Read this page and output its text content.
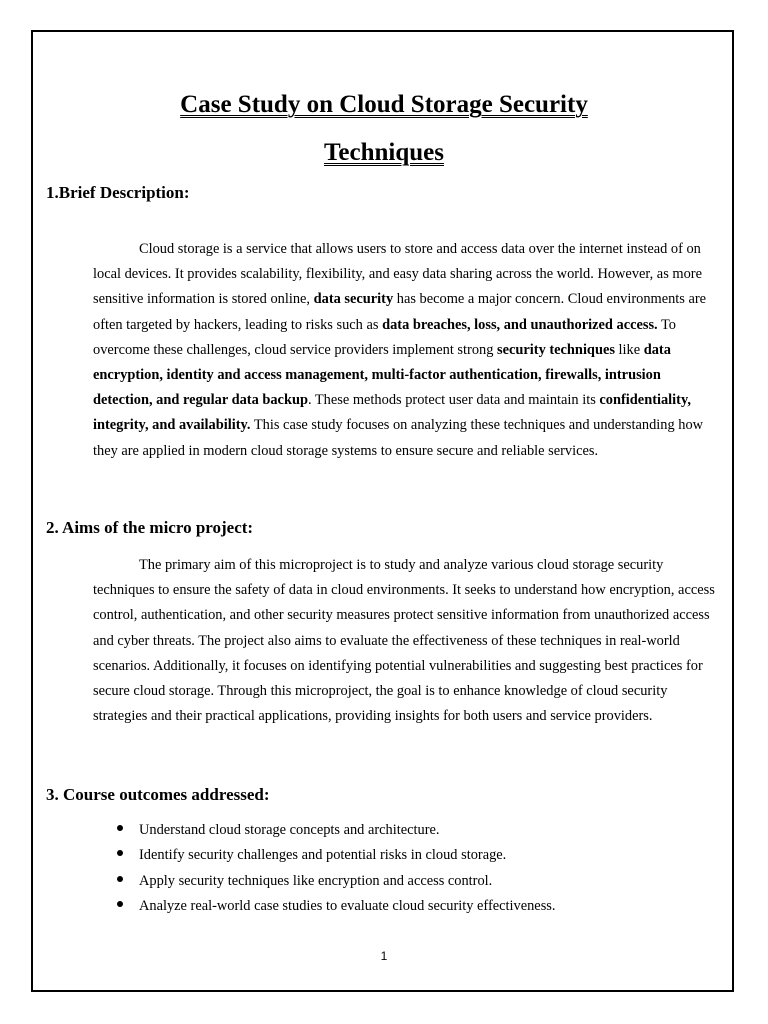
Case Study on Cloud Storage Security
Techniques
1.Brief Description:
Cloud storage is a service that allows users to store and access data over the internet instead of on local devices. It provides scalability, flexibility, and easy data sharing across the world. However, as more sensitive information is stored online, data security has become a major concern. Cloud environments are often targeted by hackers, leading to risks such as data breaches, loss, and unauthorized access. To overcome these challenges, cloud service providers implement strong security techniques like data encryption, identity and access management, multi-factor authentication, firewalls, intrusion detection, and regular data backup. These methods protect user data and maintain its confidentiality, integrity, and availability. This case study focuses on analyzing these techniques and understanding how they are applied in modern cloud storage systems to ensure secure and reliable services.
2. Aims of the micro project:
The primary aim of this microproject is to study and analyze various cloud storage security techniques to ensure the safety of data in cloud environments. It seeks to understand how encryption, access control, authentication, and other security measures protect sensitive information from unauthorized access and cyber threats. The project also aims to evaluate the effectiveness of these techniques in real-world scenarios. Additionally, it focuses on identifying potential vulnerabilities and suggesting best practices for secure cloud storage. Through this microproject, the goal is to enhance knowledge of cloud security strategies and their practical applications, providing insights for both users and service providers.
3. Course outcomes addressed:
Understand cloud storage concepts and architecture.
Identify security challenges and potential risks in cloud storage.
Apply security techniques like encryption and access control.
Analyze real-world case studies to evaluate cloud security effectiveness.
1
